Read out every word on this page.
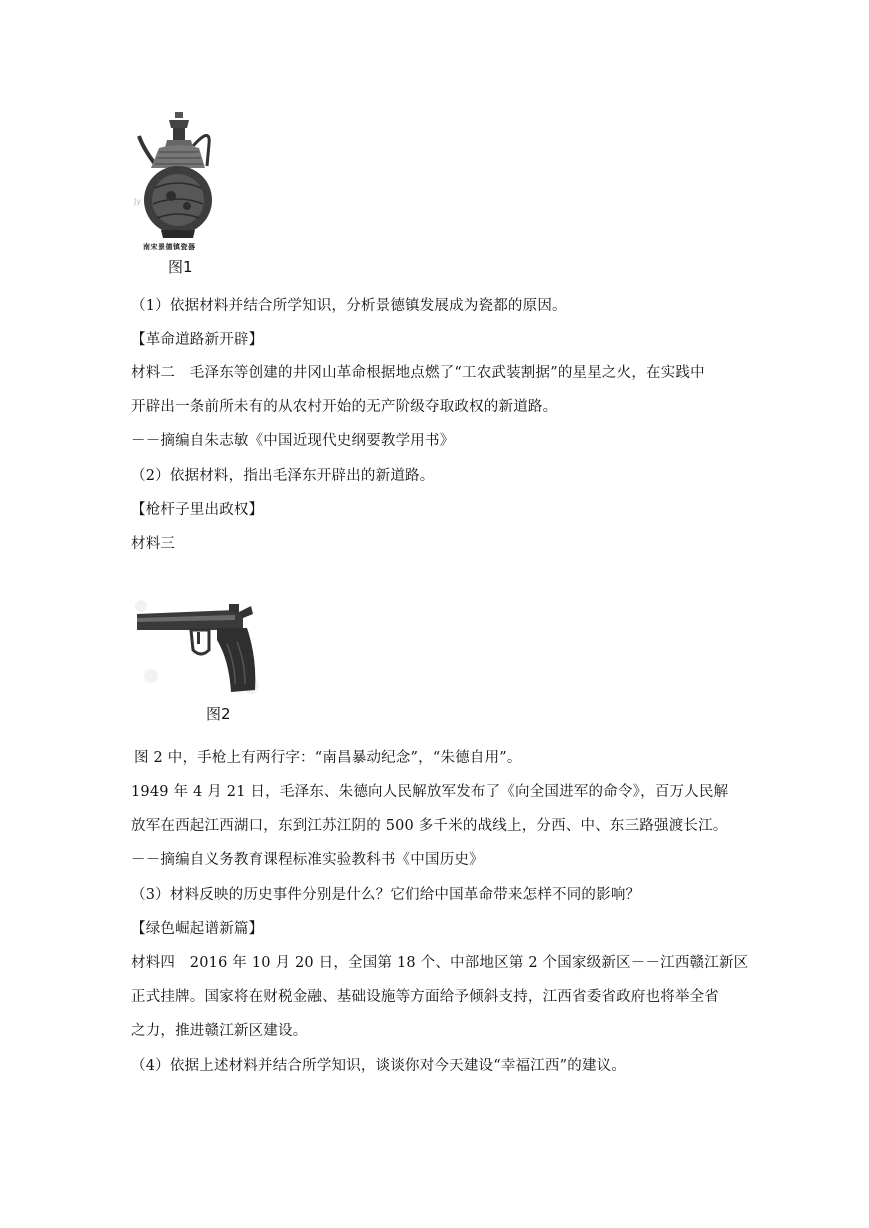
Jy
南宋景德镇瓷器
图1
（1）依据材料并结合所学知识，分析景德镇发展成为瓷都的原因。
【革命道路新开辟】
材料二　毛泽东等创建的井冈山革命根据地点燃了“工农武装割据”的星星之火，在实践中
开辟出一条前所未有的从农村开始的无产阶级夺取政权的新道路。
－－摘编自朱志敏《中国近现代史纲要教学用书》
（2）依据材料，指出毛泽东开辟出的新道路。
【枪杆子里出政权】
材料三
图2
图 2 中，手枪上有两行字：“南昌暴动纪念”，“朱德自用”。
1949 年 4 月 21 日，毛泽东、朱德向人民解放军发布了《向全国进军的命令》，百万人民解
放军在西起江西湖口，东到江苏江阴的 500 多千米的战线上，分西、中、东三路强渡长江。
－－摘编自义务教育课程标准实验教科书《中国历史》
（3）材料反映的历史事件分别是什么？它们给中国革命带来怎样不同的影响？
【绿色崛起谱新篇】
材料四　2016 年 10 月 20 日，全国第 18 个、中部地区第 2 个国家级新区－－江西赣江新区
正式挂牌。国家将在财税金融、基础设施等方面给予倾斜支持，江西省委省政府也将举全省
之力，推进赣江新区建设。
（4）依据上述材料并结合所学知识，谈谈你对今天建设“幸福江西”的建议。
